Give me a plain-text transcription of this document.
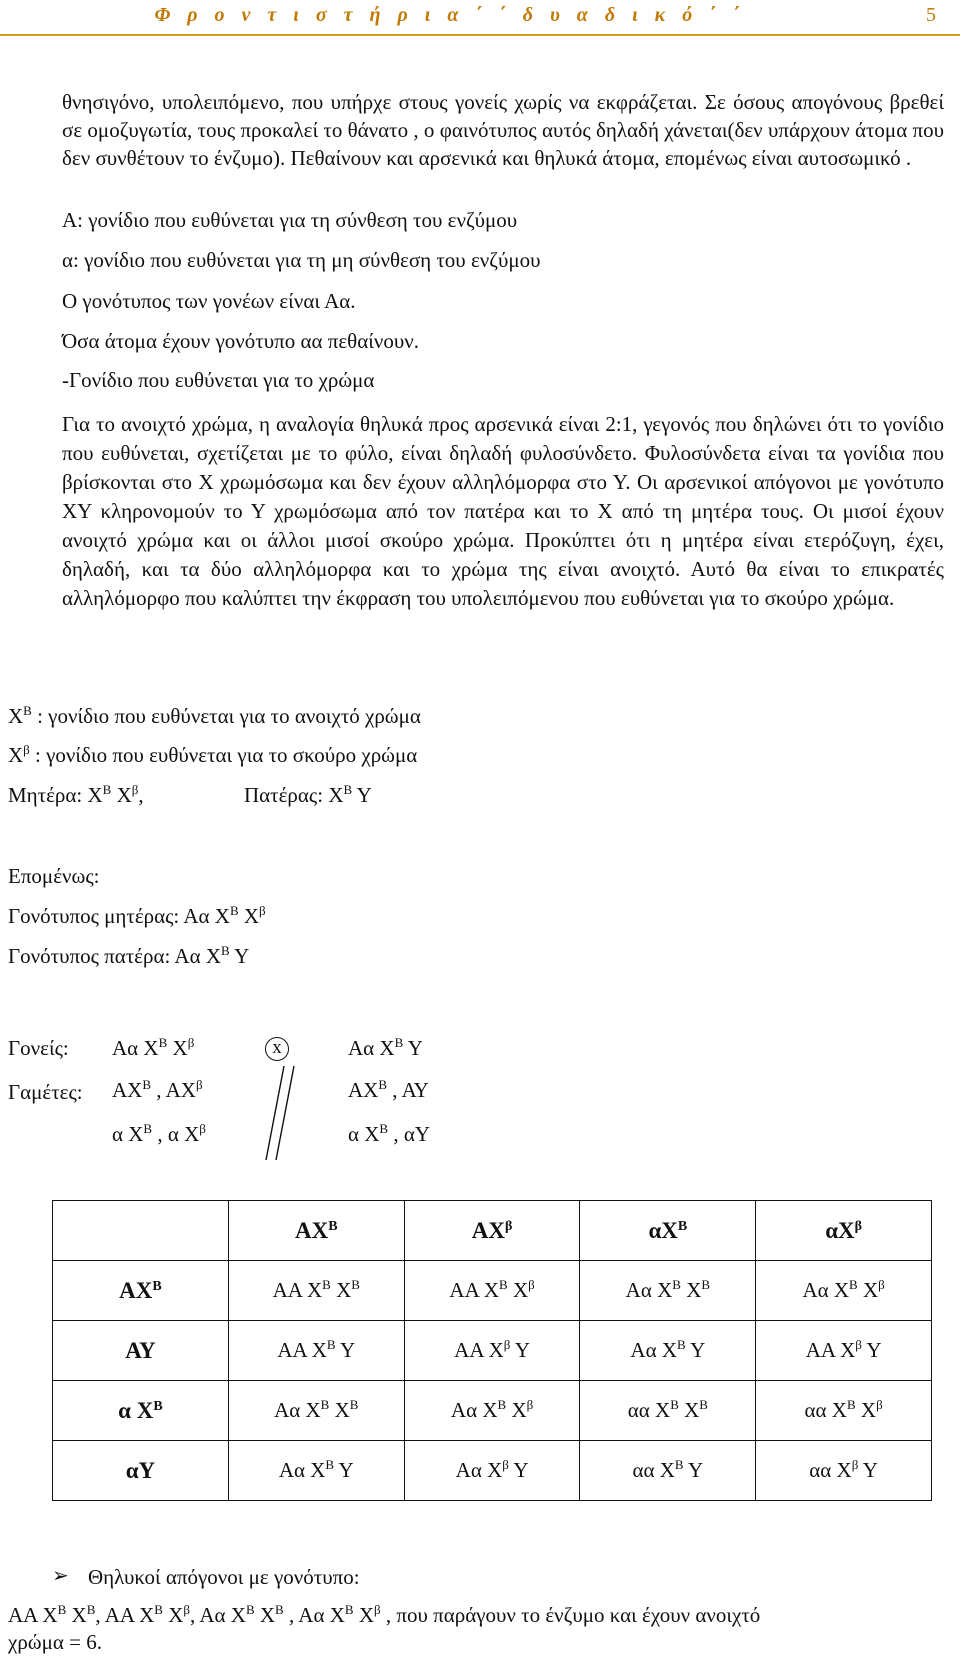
Φ ρ ο ν τ ι σ τ ή ρ ι α ΄ ΄ δ υ α δ ι κ ό ΄ ΄	5
θνησιγόνο, υπολειπόμενο, που υπήρχε στους γονείς χωρίς να εκφράζεται. Σε όσους απογόνους βρεθεί σε ομοζυγωτία, τους προκαλεί το θάνατο , ο φαινότυπος αυτός δηλαδή χάνεται(δεν υπάρχουν άτομα που δεν συνθέτουν το ένζυμο). Πεθαίνουν και αρσενικά και θηλυκά άτομα, επομένως είναι αυτοσωμικό .
Α: γονίδιο που ευθύνεται για τη σύνθεση του ενζύμου
α: γονίδιο που ευθύνεται για τη μη σύνθεση του ενζύμου
Ο γονότυπος των γονέων είναι Αα.
Όσα άτομα έχουν γονότυπο αα πεθαίνουν.
-Γονίδιο που ευθύνεται για το χρώμα
Για το ανοιχτό χρώμα, η αναλογία θηλυκά προς αρσενικά είναι 2:1, γεγονός που δηλώνει ότι το γονίδιο που ευθύνεται, σχετίζεται με το φύλο, είναι δηλαδή φυλοσύνδετο. Φυλοσύνδετα είναι τα γονίδια που βρίσκονται στο Χ χρωμόσωμα και δεν έχουν αλληλόμορφα στο Υ. Οι αρσενικοί απόγονοι με γονότυπο ΧΥ κληρονομούν το Υ χρωμόσωμα από τον πατέρα και το Χ από τη μητέρα τους. Οι μισοί έχουν ανοιχτό χρώμα και οι άλλοι μισοί σκούρο χρώμα. Προκύπτει ότι η μητέρα είναι ετερόζυγη, έχει, δηλαδή, και τα δύο αλληλόμορφα και το χρώμα της είναι ανοιχτό. Αυτό θα είναι το επικρατές αλληλόμορφο που καλύπτει την έκφραση του υπολειπόμενου που ευθύνεται για το σκούρο χρώμα.
$X^B$ : γονίδιο που ευθύνεται για το ανοιχτό χρώμα
$X^\beta$ : γονίδιο που ευθύνεται για το σκούρο χρώμα
Μητέρα: $X^B$ $X^\beta$,	Πατέρας: $X^B$ Υ
Επομένως:
Γονότυπος μητέρας: Αα $X^B$ $X^\beta$
Γονότυπος πατέρα: Αα $X^B$ Υ
Γονείς: Αα $X^B$ $X^\beta$	x	Αα $X^B$ Υ
Γαμέτες: $AX^B$ , $AX^\beta$
α $X^B$ , α $X^\beta$
$AX^B$ , ΑΥ
α $X^B$ , αΥ
	$AX^B$	$AX^\beta$	$\alpha X^B$	$\alpha X^\beta$
$AX^B$	ΑΑ $X^B$ $X^B$	ΑΑ $X^B$ $X^\beta$	Αα $X^B$ $X^B$	Αα $X^B$ $X^\beta$
ΑΥ	ΑΑ $X^B$ Υ	ΑΑ $X^\beta$ Υ	Αα $X^B$ Υ	ΑΑ $X^\beta$ Υ
α $X^B$	Αα $X^B$ $X^B$	Αα $X^B$ $X^\beta$	αα $X^B$ $X^B$	αα $X^B$ $X^\beta$
αΥ	Αα $X^B$ Υ	Αα $X^\beta$ Υ	αα $X^B$ Υ	αα $X^\beta$ Υ
➢ Θηλυκοί απόγονοι με γονότυπο:
ΑΑ $X^B$ $X^B$, ΑΑ $X^B$ $X^\beta$, Αα $X^B$ $X^B$ , Αα $X^B$ $X^\beta$ , που παράγουν το ένζυμο και έχουν ανοιχτό
χρώμα = 6.
